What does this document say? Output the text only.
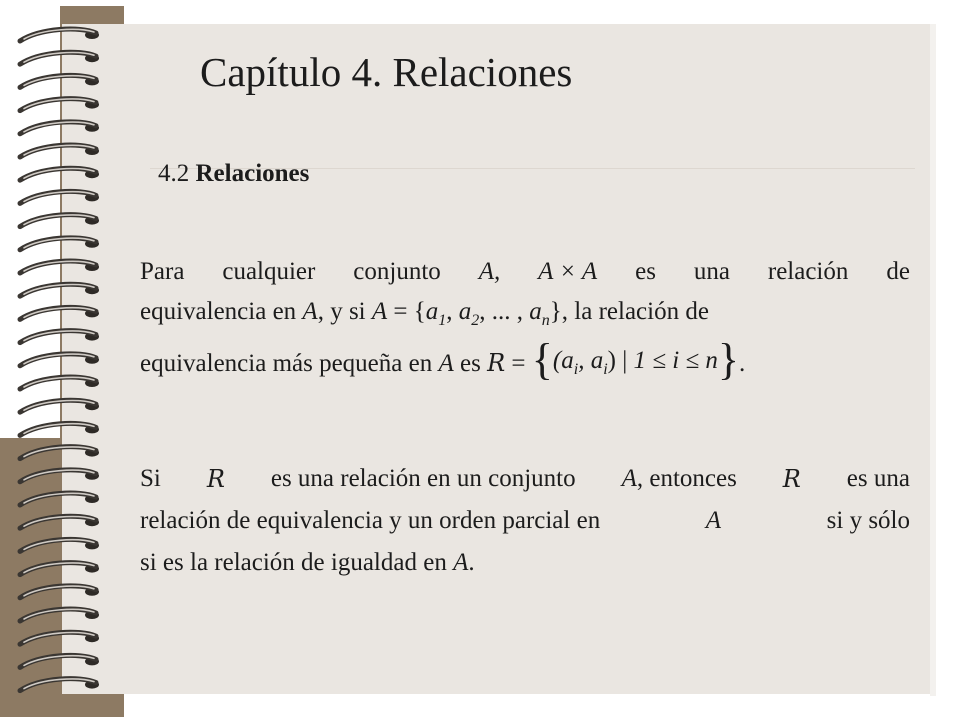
Capítulo 4. Relaciones
4.2 Relaciones
Para cualquier conjunto A, A × A es una relación de
equivalencia en A, y si $A = \{a_1$, $a_2$, ... , $a_n$}, la relación de
equivalencia más pequeña en A es $R = \{(a_i$, $a_i$) | 1 ≤ i ≤ n}.
Si R es una relación en un conjunto A, entonces R es una
relación de equivalencia y un orden parcial en	A	si y sólo
si es la relación de igualdad en A.
